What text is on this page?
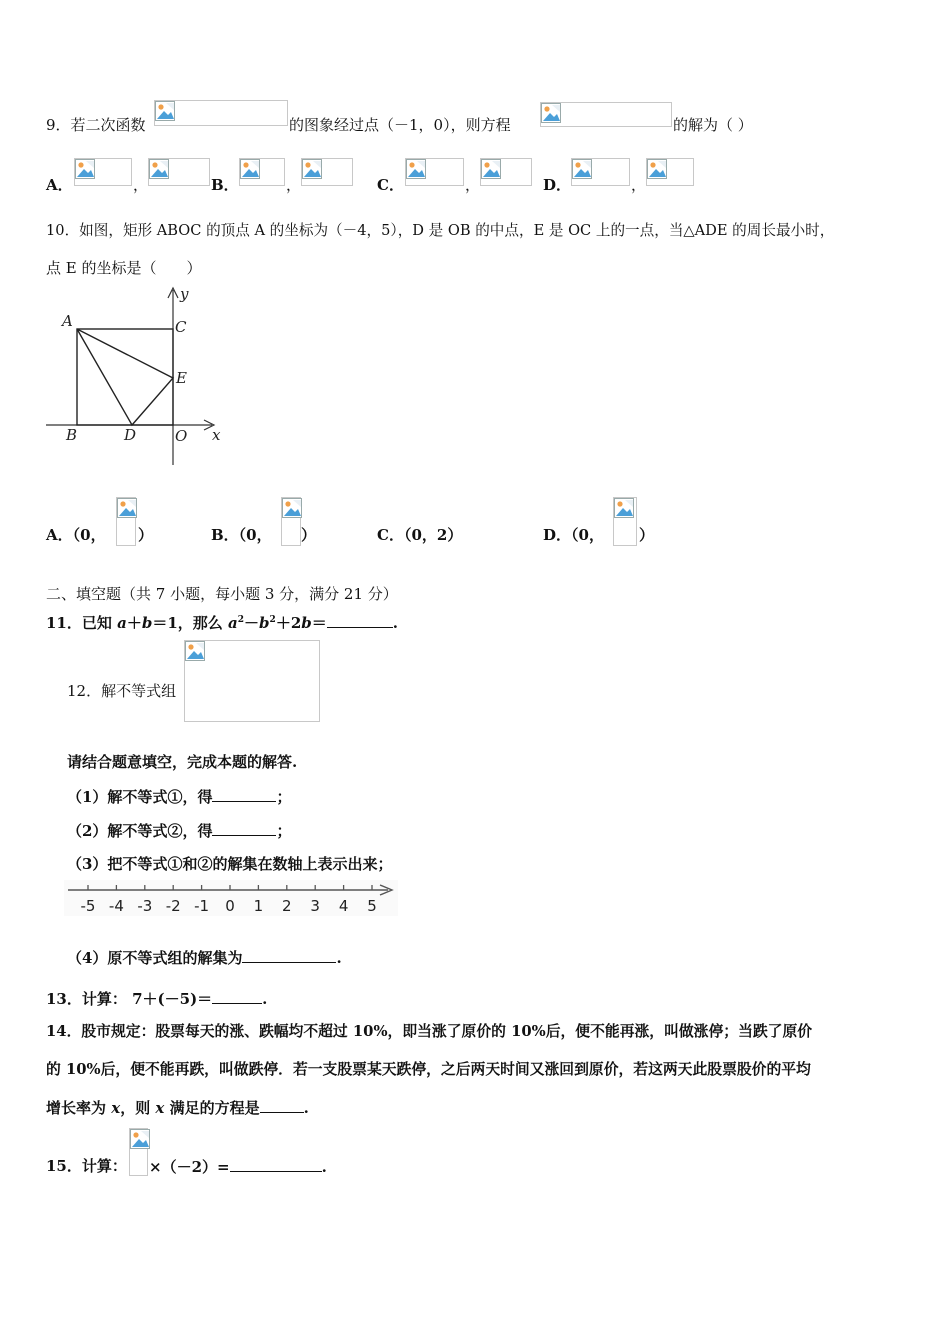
9．若二次函数	的图象经过点（－1，0），则方程	的解为（ ）
A．	，	B．	，	C．	，	D．	，
10．如图，矩形 ABOC 的顶点 A 的坐标为（－4，5），D 是 OB 的中点，E 是 OC 上的一点，当△ADE 的周长最小时，
点 E 的坐标是（　　）
y
x
A	C
E
B	D	O
A．（0， ）	B．（0， ）	C．（0，2）	D．（0， ）
二、填空题（共 7 小题，每小题 3 分，满分 21 分）
11．已知 a＋b＝1，那么 $a^2-b^2+2b=$	.
12．解不等式组
请结合题意填空，完成本题的解答.
（1）解不等式①，得	；
（2）解不等式②，得	；
（3）把不等式①和②的解集在数轴上表示出来；
-5 -4 -3 -2 -1 0 1 2 3 4 5
（4）原不等式组的解集为	.
13．计算： 7＋(－5)＝	.
14．股市规定：股票每天的涨、跌幅均不超过 10%，即当涨了原价的 10%后，便不能再涨，叫做涨停；当跌了原价
的 10%后，便不能再跌，叫做跌停．若一支股票某天跌停，之后两天时间又涨回到原价，若这两天此股票股价的平均
增长率为 x，则 x 满足的方程是	.
15．计算： ×（－2）=	.
